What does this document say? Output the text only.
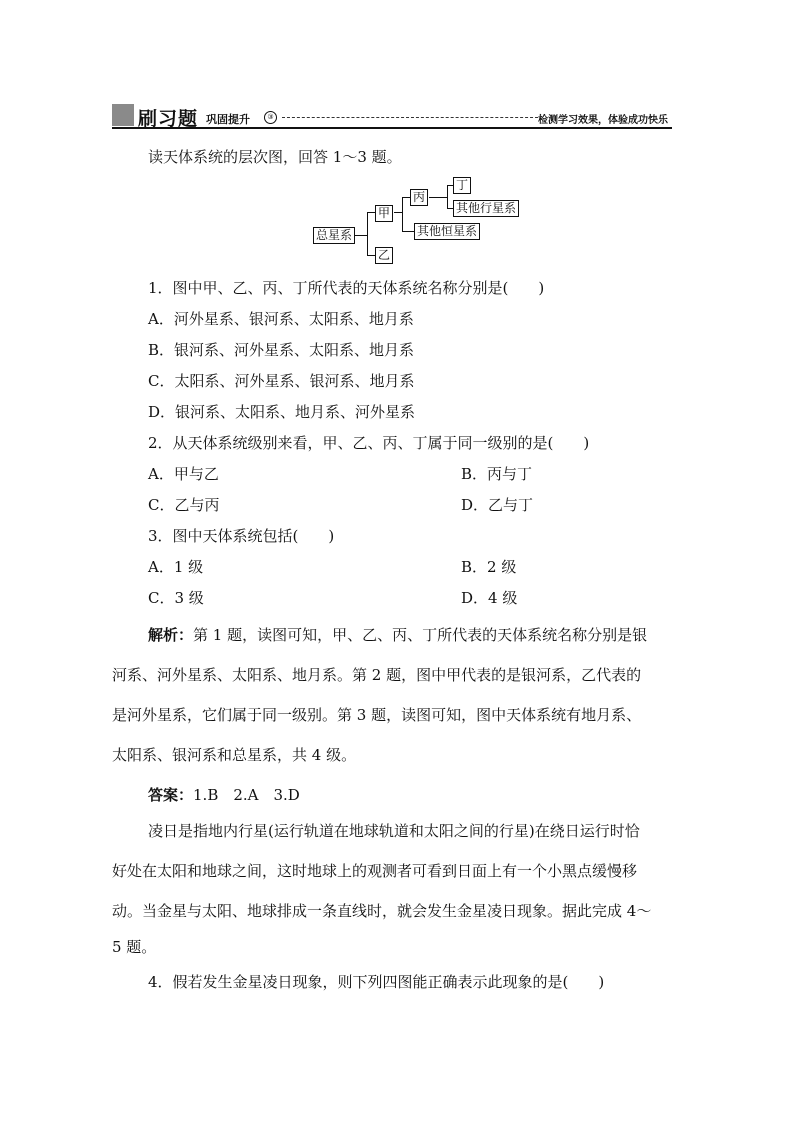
刷习题 巩固提升	③	检测学习效果，体验成功快乐
读天体系统的层次图，回答 1～3 题。
总星系
甲
乙
丙
其他恒星系
丁
其他行星系
1．图中甲、乙、丙、丁所代表的天体系统名称分别是(　　)
A．河外星系、银河系、太阳系、地月系
B．银河系、河外星系、太阳系、地月系
C．太阳系、河外星系、银河系、地月系
D．银河系、太阳系、地月系、河外星系
2．从天体系统级别来看，甲、乙、丙、丁属于同一级别的是(　　)
A．甲与乙	B．丙与丁
C．乙与丙	D．乙与丁
3．图中天体系统包括(　　)
A．1 级	B．2 级
C．3 级	D．4 级
解析：第 1 题，读图可知，甲、乙、丙、丁所代表的天体系统名称分别是银
河系、河外星系、太阳系、地月系。第 2 题，图中甲代表的是银河系，乙代表的
是河外星系，它们属于同一级别。第 3 题，读图可知，图中天体系统有地月系、
太阳系、银河系和总星系，共 4 级。
答案：1.B　2.A　3.D
凌日是指地内行星(运行轨道在地球轨道和太阳之间的行星)在绕日运行时恰
好处在太阳和地球之间，这时地球上的观测者可看到日面上有一个小黑点缓慢移
动。当金星与太阳、地球排成一条直线时，就会发生金星凌日现象。据此完成 4～
5 题。
4．假若发生金星凌日现象，则下列四图能正确表示此现象的是(　　)
